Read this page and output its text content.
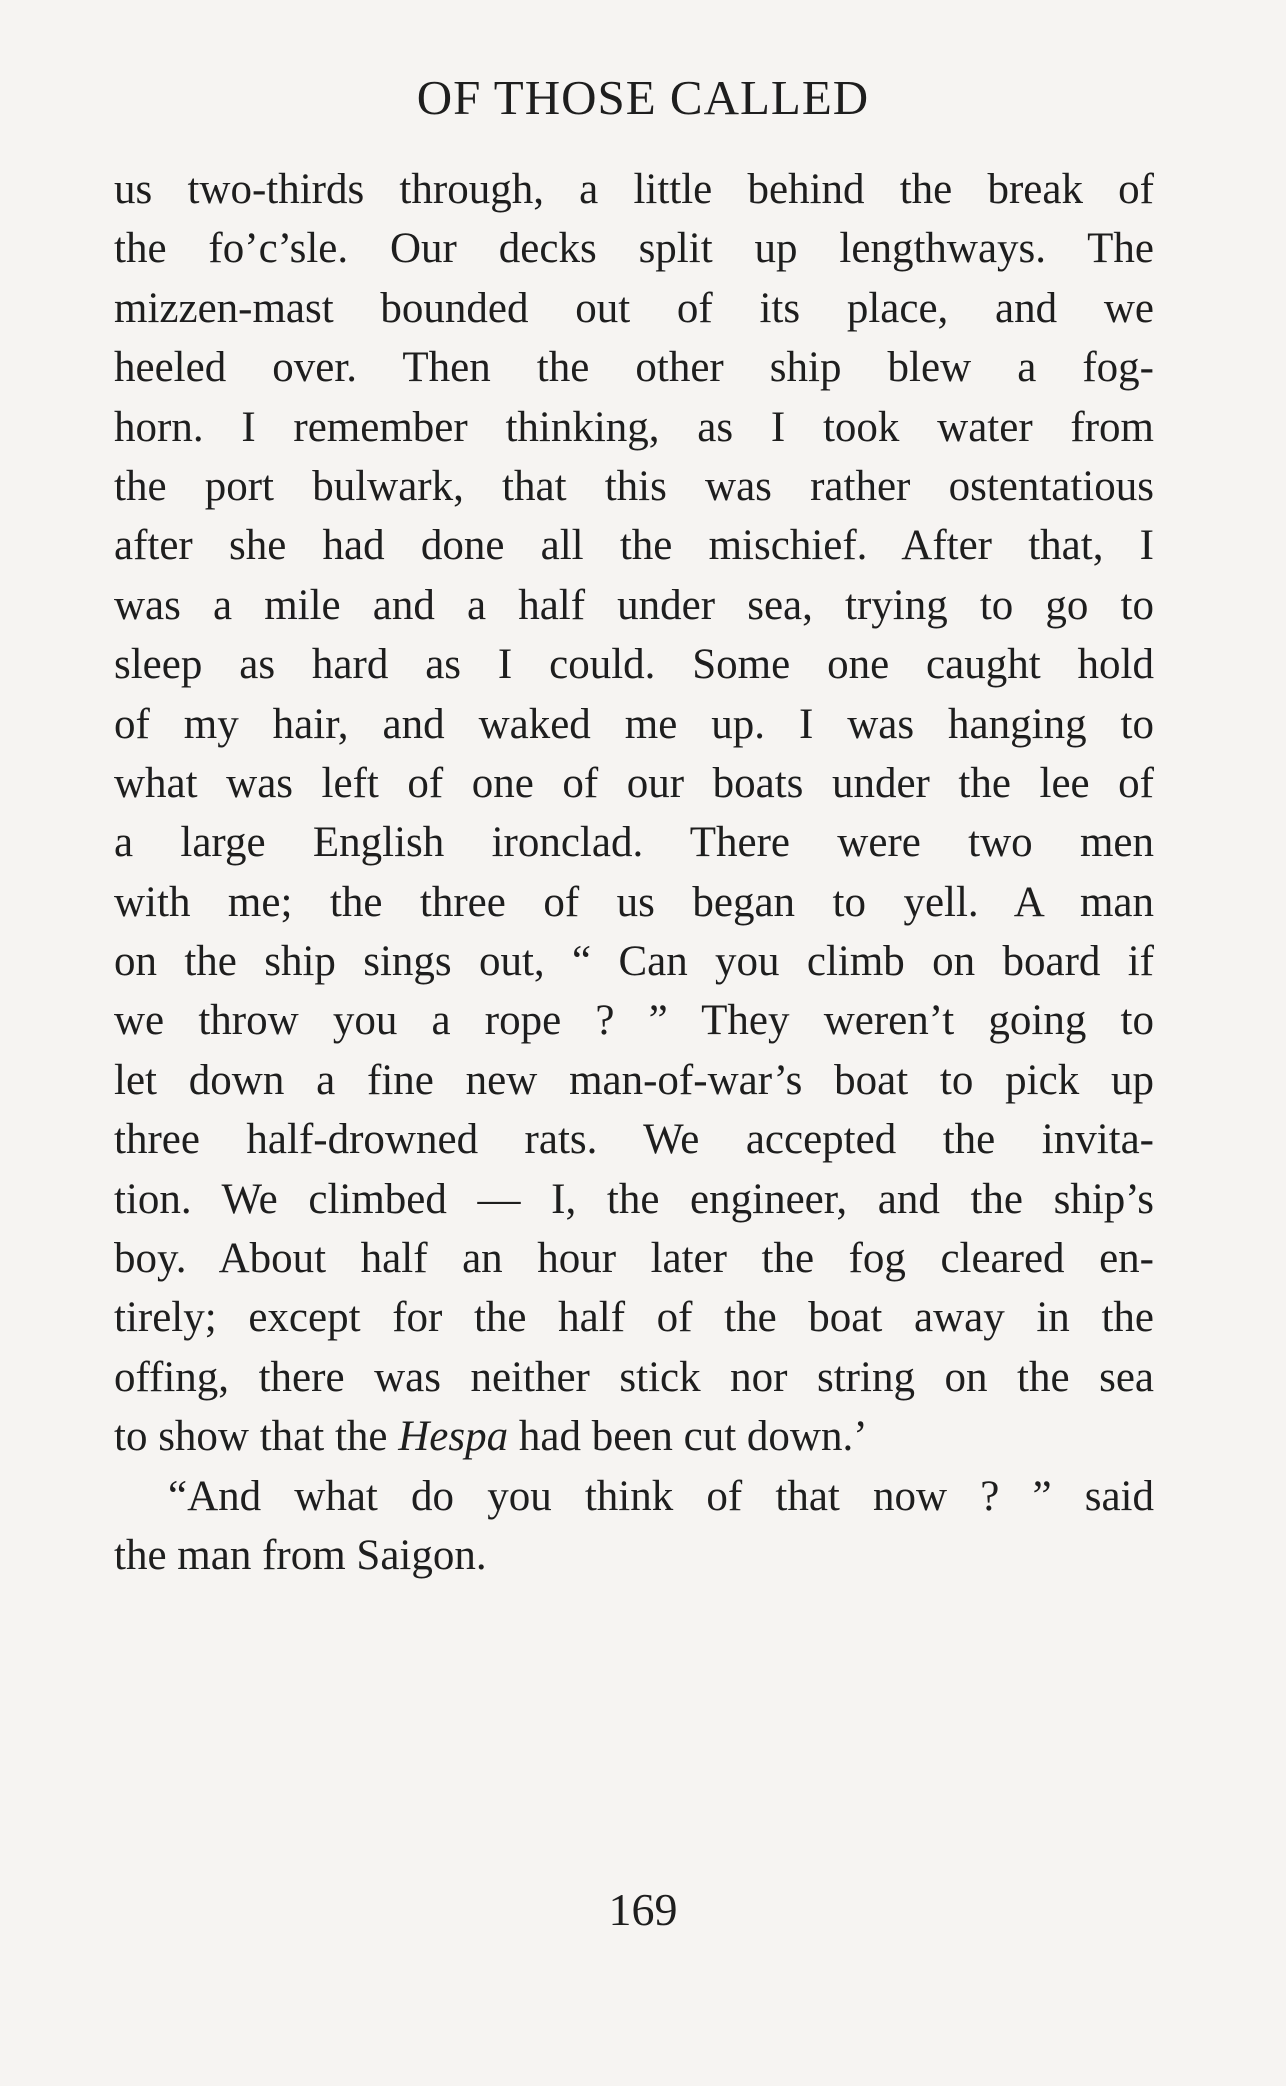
OF THOSE CALLED
us two-thirds through, a little behind the break of
the fo’c’sle. Our decks split up lengthways. The
mizzen-mast bounded out of its place, and we
heeled over. Then the other ship blew a fog-
horn. I remember thinking, as I took water from
the port bulwark, that this was rather ostentatious
after she had done all the mischief. After that, I
was a mile and a half under sea, trying to go to
sleep as hard as I could. Some one caught hold
of my hair, and waked me up. I was hanging to
what was left of one of our boats under the lee of
a large English ironclad. There were two men
with me; the three of us began to yell. A man
on the ship sings out, “ Can you climb on board if
we throw you a rope ? ” They weren’t going to
let down a fine new man-of-war’s boat to pick up
three half-drowned rats. We accepted the invita-
tion. We climbed — I, the engineer, and the ship’s
boy. About half an hour later the fog cleared en-
tirely; except for the half of the boat away in the
offing, there was neither stick nor string on the sea
to show that the Hespa had been cut down.’
“And what do you think of that now ? ” said
the man from Saigon.
169
